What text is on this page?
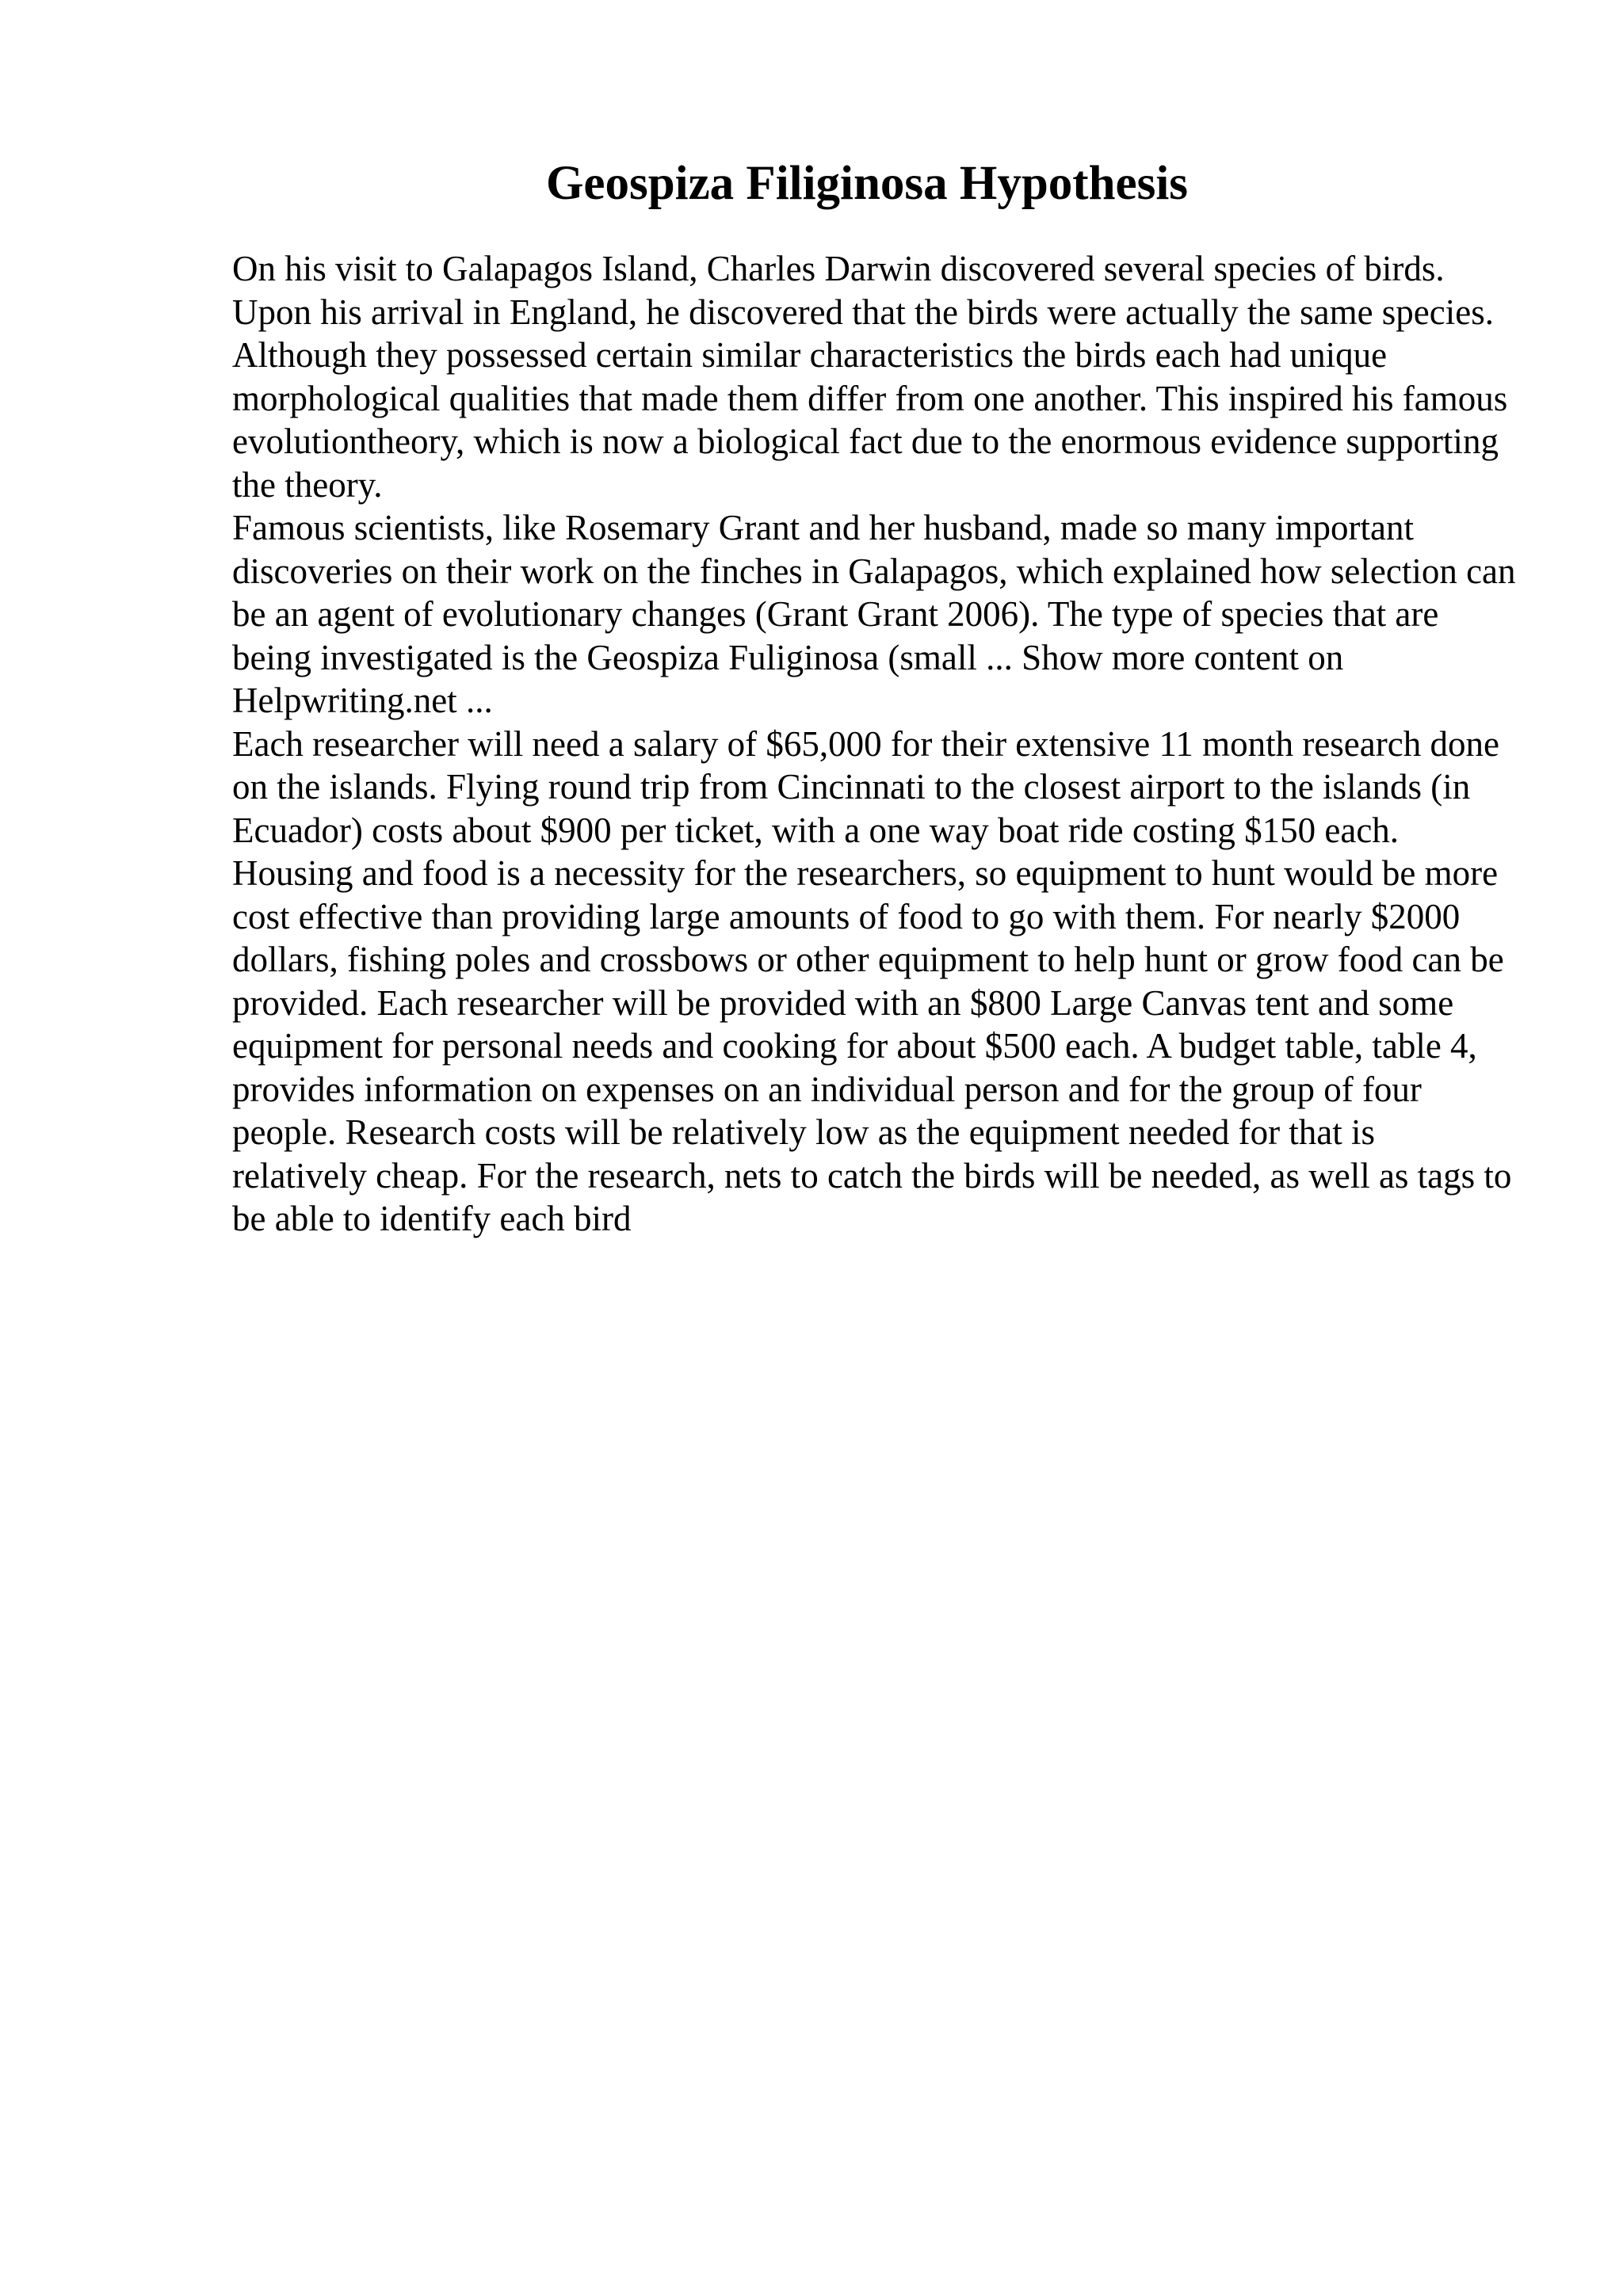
Geospiza Filiginosa Hypothesis

On his visit to Galapagos Island, Charles Darwin discovered several species of birds. Upon his arrival in England, he discovered that the birds were actually the same species. Although they possessed certain similar characteristics the birds each had unique morphological qualities that made them differ from one another. This inspired his famous evolutiontheory, which is now a biological fact due to the enormous evidence supporting the theory.

Famous scientists, like Rosemary Grant and her husband, made so many important discoveries on their work on the finches in Galapagos, which explained how selection can be an agent of evolutionary changes (Grant Grant 2006). The type of species that are being investigated is the Geospiza Fuliginosa (small ... Show more content on Helpwriting.net ...

Each researcher will need a salary of $65,000 for their extensive 11 month research done on the islands. Flying round trip from Cincinnati to the closest airport to the islands (in Ecuador) costs about $900 per ticket, with a one way boat ride costing $150 each. Housing and food is a necessity for the researchers, so equipment to hunt would be more cost effective than providing large amounts of food to go with them. For nearly $2000 dollars, fishing poles and crossbows or other equipment to help hunt or grow food can be provided. Each researcher will be provided with an $800 Large Canvas tent and some equipment for personal needs and cooking for about $500 each. A budget table, table 4, provides information on expenses on an individual person and for the group of four people. Research costs will be relatively low as the equipment needed for that is relatively cheap. For the research, nets to catch the birds will be needed, as well as tags to be able to identify each bird
